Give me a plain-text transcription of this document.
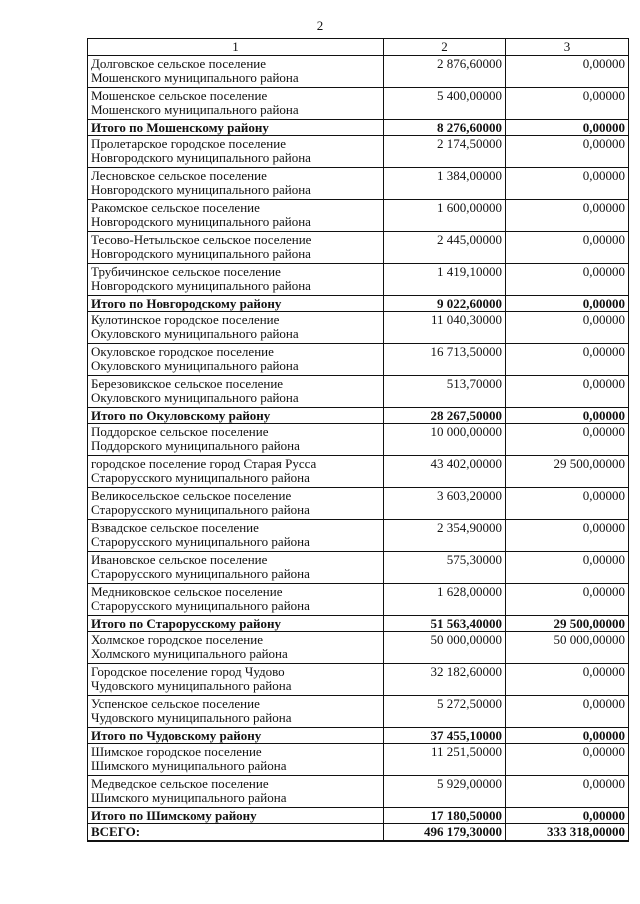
2
1	2	3

Долговское сельское поселение
Мошенского муниципального района	2 876,60000	0,00000

Мошенское сельское поселение
Мошенского муниципального района	5 400,00000	0,00000

Итого по Мошенскому району	8 276,60000	0,00000

Пролетарское городское поселение
Новгородского муниципального района	2 174,50000	0,00000

Лесновское сельское поселение
Новгородского муниципального района	1 384,00000	0,00000

Ракомское сельское поселение
Новгородского муниципального района	1 600,00000	0,00000

Тесово-Нетыльское сельское поселение
Новгородского муниципального района	2 445,00000	0,00000

Трубичинское сельское поселение
Новгородского муниципального района	1 419,10000	0,00000

Итого по Новгородскому району	9 022,60000	0,00000

Кулотинское городское поселение
Окуловского муниципального района	11 040,30000	0,00000

Окуловское городское поселение
Окуловского муниципального района	16 713,50000	0,00000

Березовикское сельское поселение
Окуловского муниципального района	513,70000	0,00000

Итого по Окуловскому району	28 267,50000	0,00000

Поддорское сельское поселение
Поддорского муниципального района	10 000,00000	0,00000

городское поселение город Старая Русса
Старорусского муниципального района	43 402,00000	29 500,00000

Великосельское сельское поселение
Старорусского муниципального района	3 603,20000	0,00000

Взвадское сельское поселение
Старорусского муниципального района	2 354,90000	0,00000

Ивановское сельское поселение
Старорусского муниципального района	575,30000	0,00000

Медниковское сельское поселение
Старорусского муниципального района	1 628,00000	0,00000

Итого по Старорусскому району	51 563,40000	29 500,00000

Холмское городское поселение
Холмского муниципального района	50 000,00000	50 000,00000

Городское поселение город Чудово
Чудовского муниципального района	32 182,60000	0,00000

Успенское сельское поселение
Чудовского муниципального района	5 272,50000	0,00000

Итого по Чудовскому району	37 455,10000	0,00000

Шимское городское поселение
Шимского муниципального района	11 251,50000	0,00000

Медведское сельское поселение
Шимского муниципального района	5 929,00000	0,00000

Итого по Шимскому району	17 180,50000	0,00000

ВСЕГО:	496 179,30000	333 318,00000
